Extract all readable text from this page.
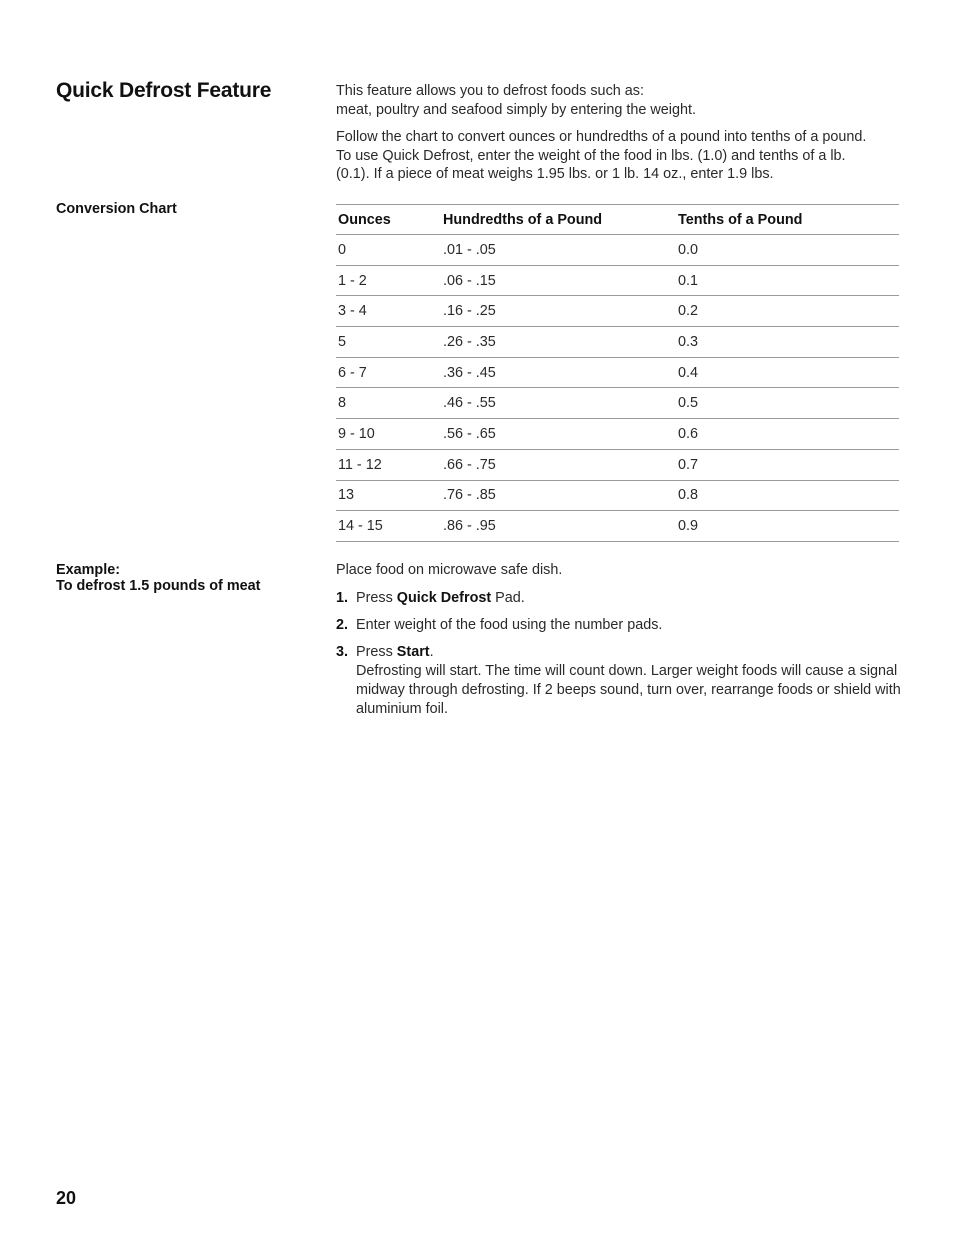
Quick Defrost Feature	This feature allows you to defrost foods such as:
meat, poultry and seafood simply by entering the weight.

Follow the chart to convert ounces or hundredths of a pound into tenths of a pound.
To use Quick Defrost, enter the weight of the food in lbs. (1.0) and tenths of a lb.
(0.1). If a piece of meat weighs 1.95 lbs. or 1 lb. 14 oz., enter 1.9 lbs.

Conversion Chart
Ounces	Hundredths of a Pound	Tenths of a Pound
0	.01 - .05	0.0
1 - 2	.06 - .15	0.1
3 - 4	.16 - .25	0.2
5	.26 - .35	0.3
6 - 7	.36 - .45	0.4
8	.46 - .55	0.5
9 - 10	.56 - .65	0.6
11 - 12	.66 - .75	0.7
13	.76 - .85	0.8
14 - 15	.86 - .95	0.9
Example:
To defrost 1.5 pounds of meat

Place food on microwave safe dish.

1. Press Quick Defrost Pad.
2. Enter weight of the food using the number pads.
3. Press Start.
Defrosting will start. The time will count down. Larger weight foods will cause a signal midway through defrosting. If 2 beeps sound, turn over, rearrange foods or shield with aluminium foil.
20
